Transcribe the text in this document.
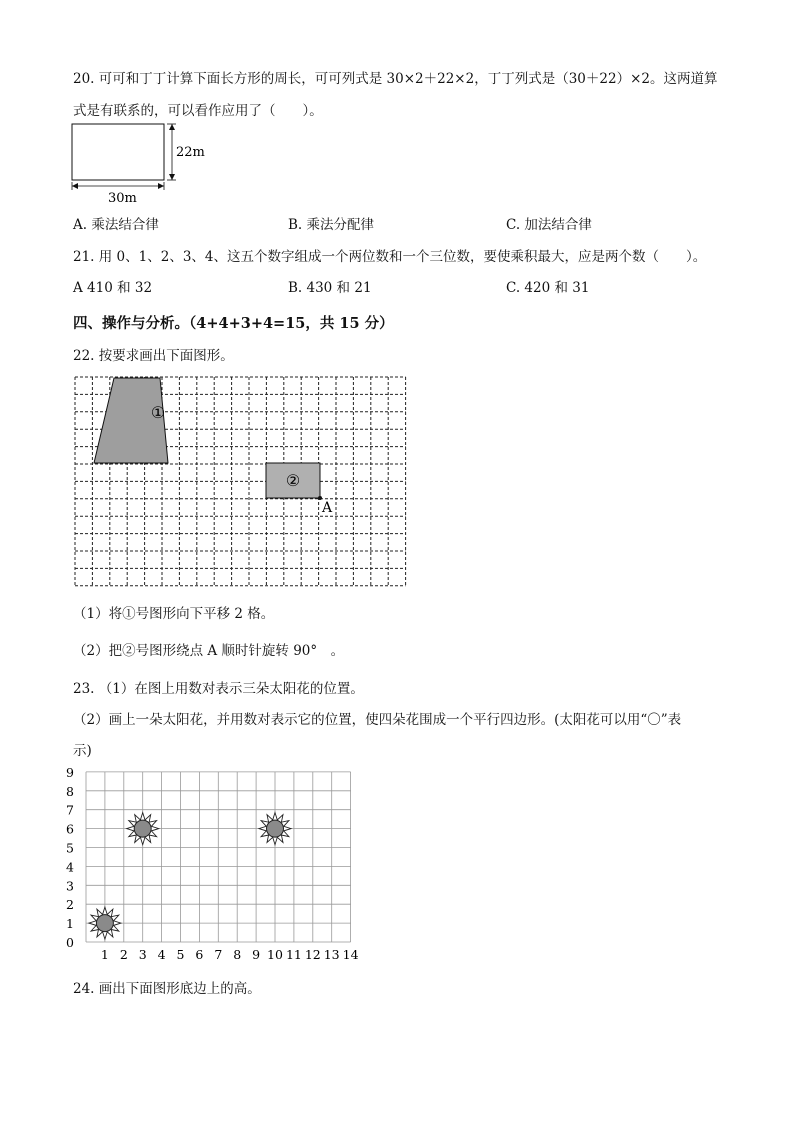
20. 可可和丁丁计算下面长方形的周长，可可列式是 30×2＋22×2，丁丁列式是（30＋22）×2。这两道算
式是有联系的，可以看作应用了（　　）。
22m
30m
A. 乘法结合律	B. 乘法分配律	C. 加法结合律
21. 用 0、1、2、3、4、这五个数字组成一个两位数和一个三位数，要使乘积最大，应是两个数（　　）。
A 410 和 32	B. 430 和 21	C. 420 和 31
四、操作与分析。（4+4+3+4=15，共 15 分）
22. 按要求画出下面图形。
①
②
A
（1）将①号图形向下平移 2 格。
（2）把②号图形绕点 A 顺时针旋转 90°　。
23. （1）在图上用数对表示三朵太阳花的位置。
（2）画上一朵太阳花，并用数对表示它的位置，使四朵花围成一个平行四边形。(太阳花可以用“〇”表
示)
1 2 3 4 5 6 7 8 9 10 11 12 13 14
0
1
2
3
4
5
6
7
8
9
24. 画出下面图形底边上的高。
